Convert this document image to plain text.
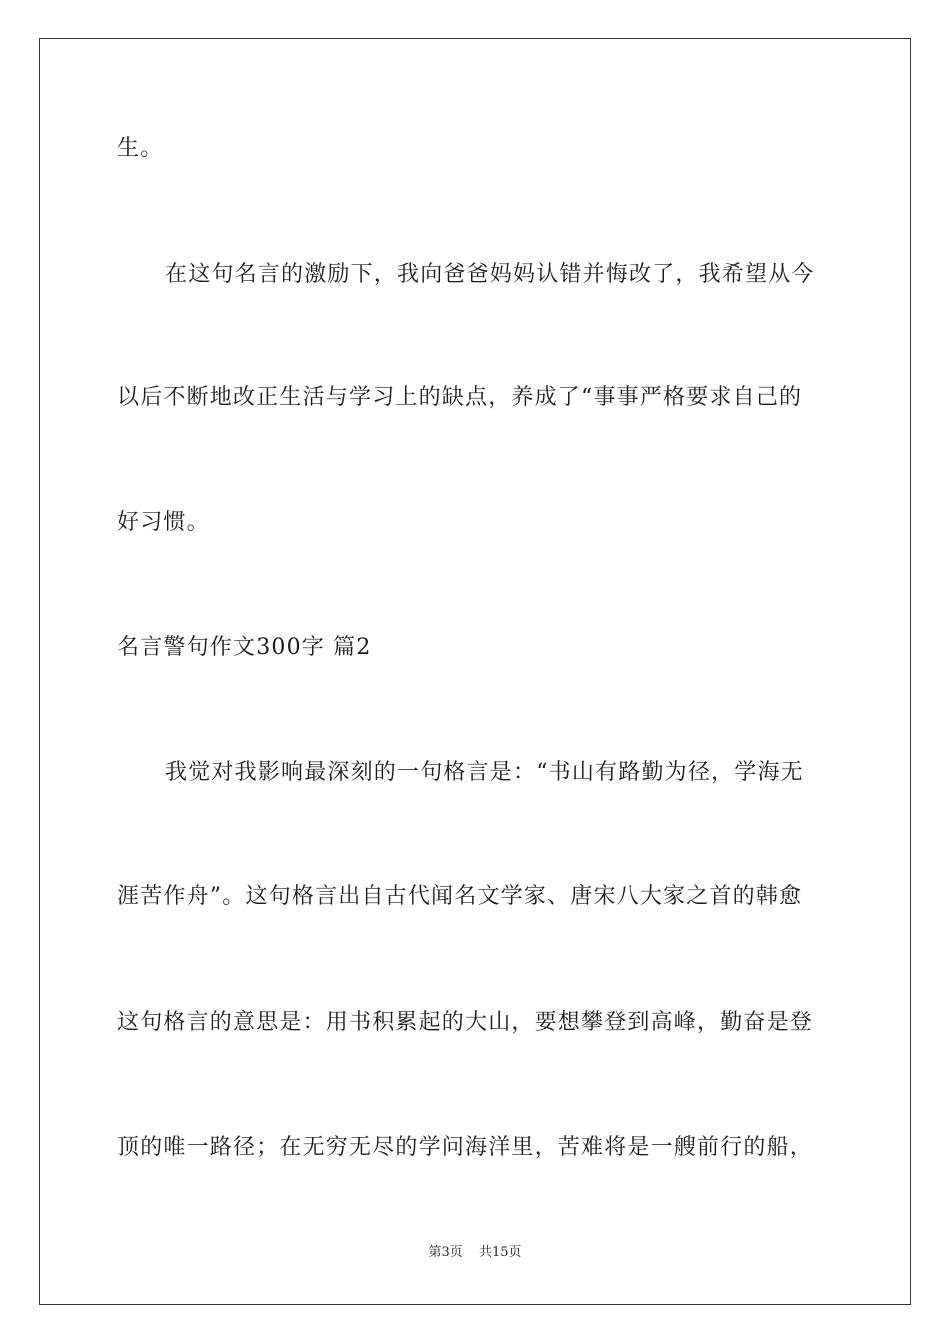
生。
在这句名言的激励下，我向爸爸妈妈认错并悔改了，我希望从今
以后不断地改正生活与学习上的缺点，养成了“事事严格要求自己的
好习惯。
名言警句作文300字 篇2
我觉对我影响最深刻的一句格言是：“书山有路勤为径，学海无
涯苦作舟”。这句格言出自古代闻名文学家、唐宋八大家之首的韩愈
这句格言的意思是：用书积累起的大山，要想攀登到高峰，勤奋是登
顶的唯一路径；在无穷无尽的学问海洋里，苦难将是一艘前行的船，
第3页 共15页
